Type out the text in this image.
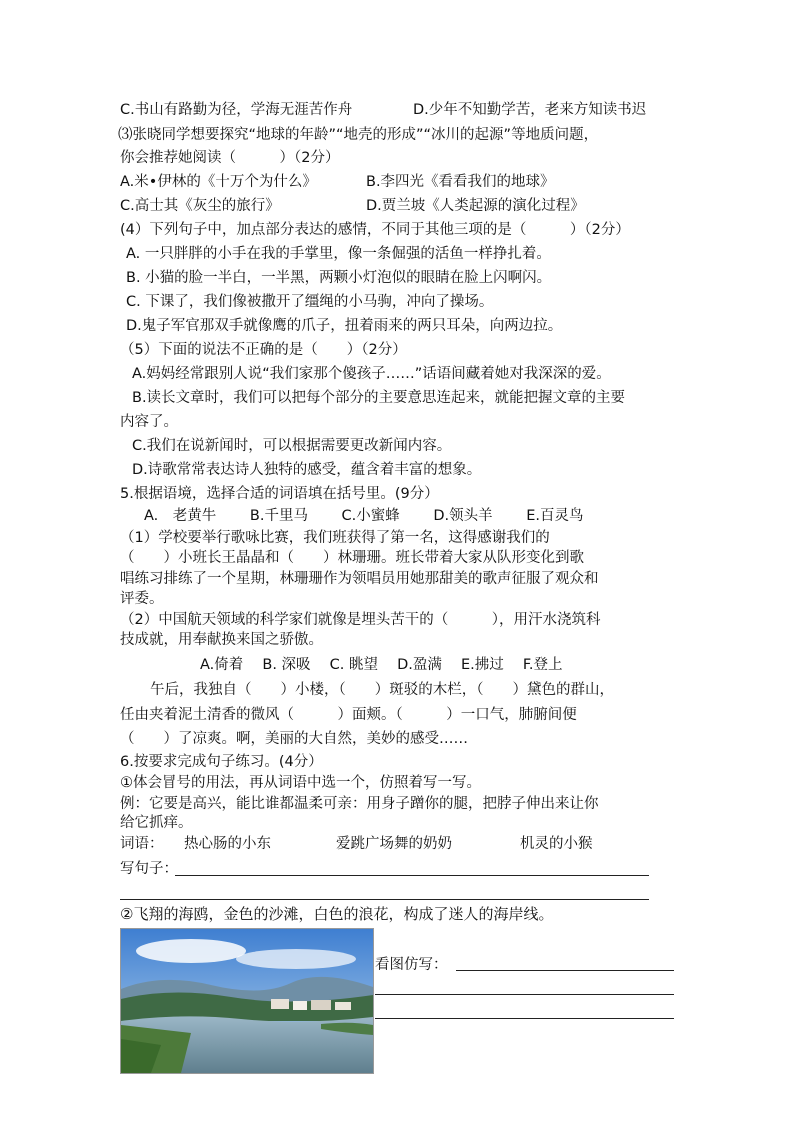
C.书山有路勤为径，学海无涯苦作舟	D.少年不知勤学苦，老来方知读书迟
⑶张晓同学想要探究“地球的年龄”“地壳的形成”“冰川的起源”等地质问题，
你会推荐她阅读（　　　）（2分）
A.米•伊林的《十万个为什么》	B.李四光《看看我们的地球》
C.高士其《灰尘的旅行》	D.贾兰坡《人类起源的演化过程》
(4）下列句子中，加点部分表达的感情，不同于其他三项的是（　　　）（2分）
A. 一只胖胖的小手在我的手掌里，像一条倔强的活鱼一样挣扎着。
B. 小猫的脸一半白，一半黑，两颗小灯泡似的眼睛在脸上闪啊闪。
C. 下课了，我们像被撒开了缰绳的小马驹，冲向了操场。
D.鬼子军官那双手就像鹰的爪子，扭着雨来的两只耳朵，向两边拉。
（5）下面的说法不正确的是（　　）（2分）
A.妈妈经常跟别人说“我们家那个傻孩子……”话语间藏着她对我深深的爱。
B.读长文章时，我们可以把每个部分的主要意思连起来，就能把握文章的主要
内容了。
C.我们在说新闻时，可以根据需要更改新闻内容。
D.诗歌常常表达诗人独特的感受，蕴含着丰富的想象。
5.根据语境，选择合适的词语填在括号里。(9分）
A.　老黄牛　　 B.千里马　　 C.小蜜蜂　　 D.领头羊　　 E.百灵鸟
（1）学校要举行歌咏比赛，我们班获得了第一名，这得感谢我们的
（　　）小班长王晶晶和（　　）林珊珊。班长带着大家从队形变化到歌
唱练习排练了一个星期，林珊珊作为领唱员用她那甜美的歌声征服了观众和
评委。
（2）中国航天领域的科学家们就像是埋头苦干的（　　　），用汗水浇筑科
技成就，用奉献换来国之骄傲。
A.倚着　 B. 深吸　 C. 眺望　 D.盈满　 E.拂过　 F.登上
午后，我独自（　　）小楼，（　　）斑驳的木栏，（　　）黛色的群山，
任由夹着泥土清香的微风（　　　）面颊。（　　　）一口气，肺腑间便
（　　）了凉爽。啊，美丽的大自然，美妙的感受……
6.按要求完成句子练习。(4分）
①体会冒号的用法，再从词语中选一个，仿照着写一写。
例：它要是高兴，能比谁都温柔可亲：用身子蹭你的腿，把脖子伸出来让你
给它抓痒。
词语： 热心肠的小东	爱跳广场舞的奶奶	机灵的小猴
写句子：
②飞翔的海鸥，金色的沙滩，白色的浪花，构成了迷人的海岸线。
看图仿写：
